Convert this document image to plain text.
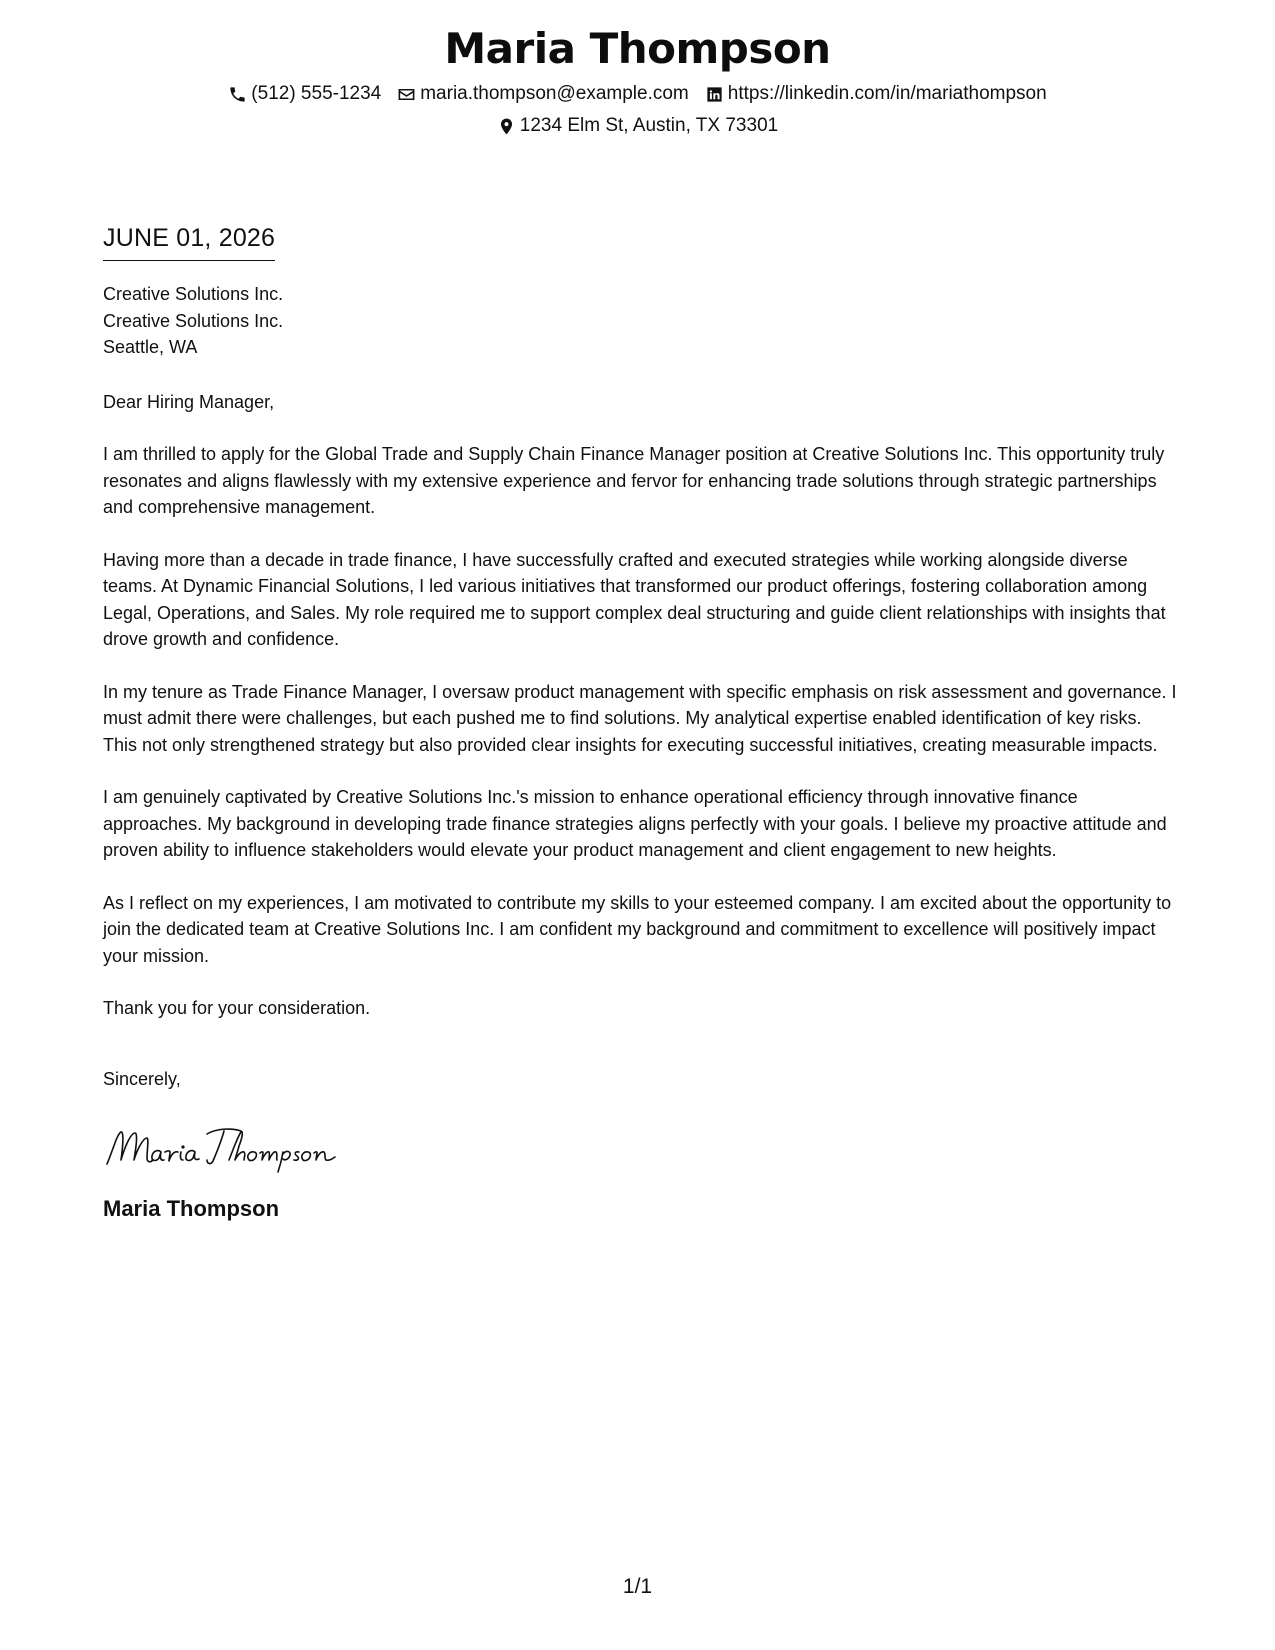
Maria Thompson
(512) 555-1234 maria.thompson@example.com https://linkedin.com/in/mariathompson
1234 Elm St, Austin, TX 73301
JUNE 01, 2026
Creative Solutions Inc.
Creative Solutions Inc.
Seattle, WA
Dear Hiring Manager,

I am thrilled to apply for the Global Trade and Supply Chain Finance Manager position at Creative Solutions Inc. This opportunity truly resonates and aligns flawlessly with my extensive experience and fervor for enhancing trade solutions through strategic partnerships and comprehensive management.

Having more than a decade in trade finance, I have successfully crafted and executed strategies while working alongside diverse teams. At Dynamic Financial Solutions, I led various initiatives that transformed our product offerings, fostering collaboration among Legal, Operations, and Sales. My role required me to support complex deal structuring and guide client relationships with insights that drove growth and confidence.

In my tenure as Trade Finance Manager, I oversaw product management with specific emphasis on risk assessment and governance. I must admit there were challenges, but each pushed me to find solutions. My analytical expertise enabled identification of key risks. This not only strengthened strategy but also provided clear insights for executing successful initiatives, creating measurable impacts.

I am genuinely captivated by Creative Solutions Inc.'s mission to enhance operational efficiency through innovative finance approaches. My background in developing trade finance strategies aligns perfectly with your goals. I believe my proactive attitude and proven ability to influence stakeholders would elevate your product management and client engagement to new heights.

As I reflect on my experiences, I am motivated to contribute my skills to your esteemed company. I am excited about the opportunity to join the dedicated team at Creative Solutions Inc. I am confident my background and commitment to excellence will positively impact your mission.

Thank you for your consideration.
Sincerely,
Maria Thompson
1/1
